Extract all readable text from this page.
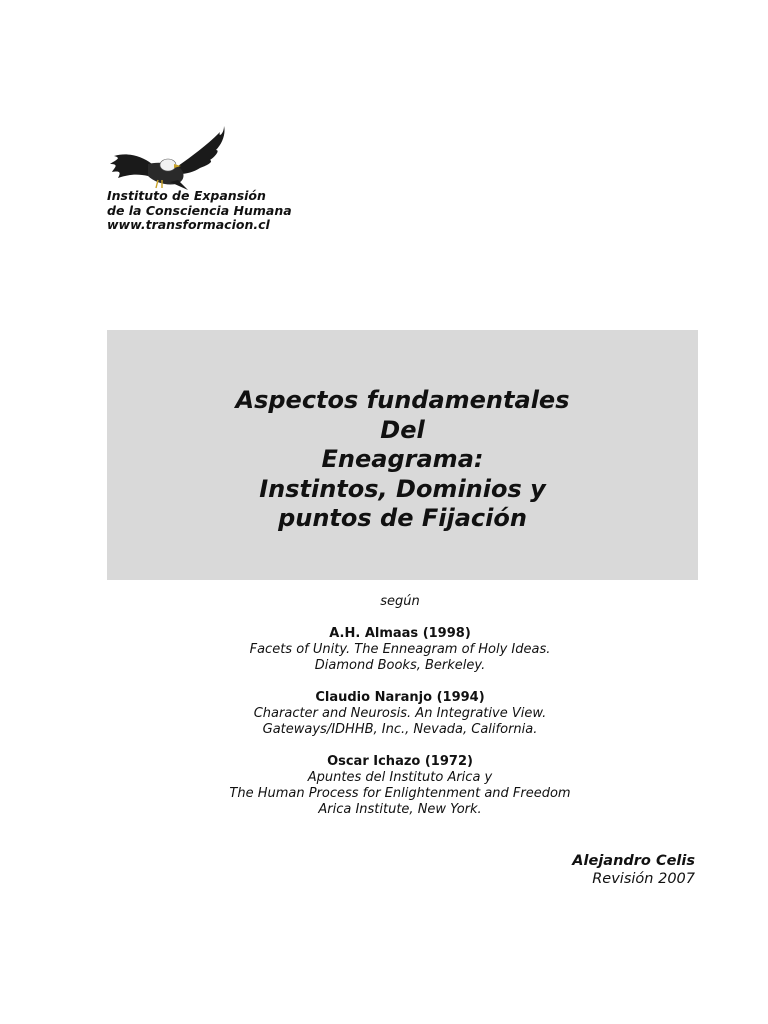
Instituto de Expansión
de la Consciencia Humana
www.transformacion.cl
Aspectos fundamentales
Del
Eneagrama:
Instintos, Dominios y
puntos de Fijación
según
A.H. Almaas (1998)
Facets of Unity. The Enneagram of Holy Ideas.
Diamond Books, Berkeley.
Claudio Naranjo (1994)
Character and Neurosis. An Integrative View.
Gateways/IDHHB, Inc., Nevada, California.
Oscar Ichazo (1972)
Apuntes del Instituto Arica y
The Human Process for Enlightenment and Freedom
Arica Institute, New York.
Alejandro Celis
Revisión 2007
